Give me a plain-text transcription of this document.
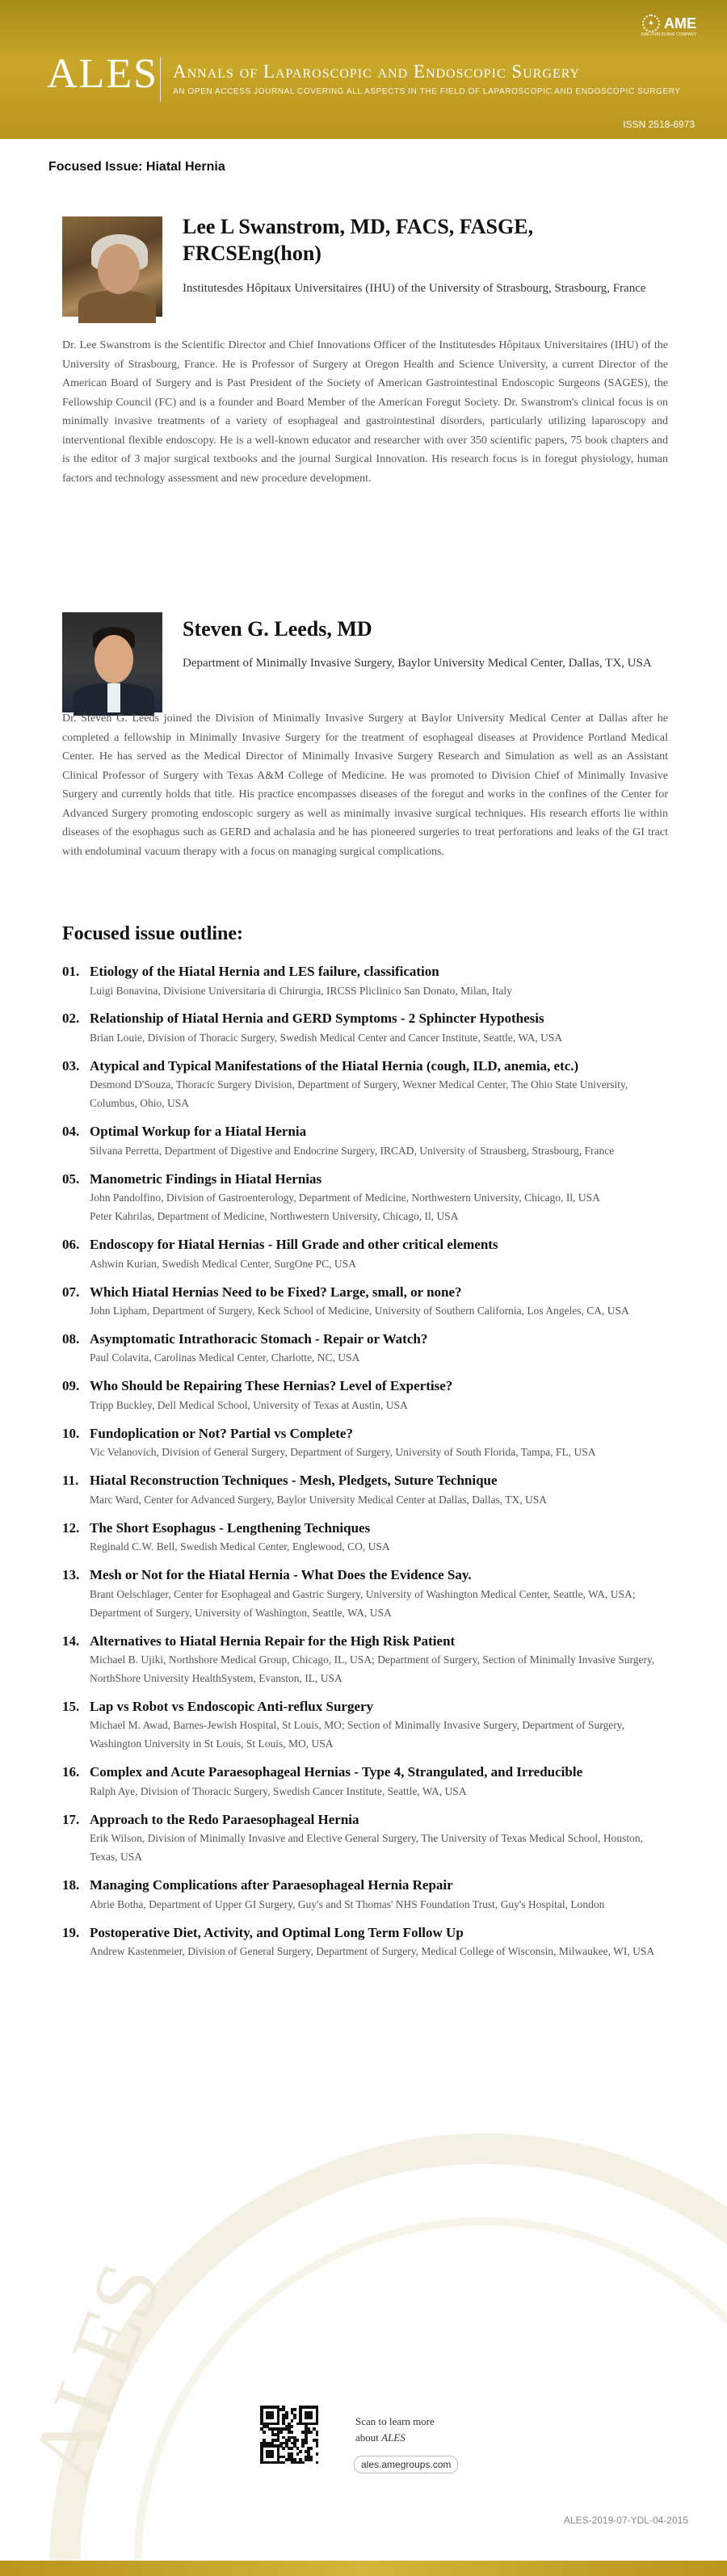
ALES Annals of Laparoscopic and Endoscopic Surgery
AN OPEN ACCESS JOURNAL COVERING ALL ASPECTS IN THE FIELD OF LAPAROSCOPIC AND ENDOSCOPIC SURGERY
✦ AME
AME PUBLISHING COMPANY
ISSN 2518-6973
Focused Issue: Hiatal Hernia
Lee L Swanstrom, MD, FACS, FASGE, FRCSEng(hon)
Institutesdes Hôpitaux Universitaires (IHU) of the University of Strasbourg, Strasbourg, France
Dr. Lee Swanstrom is the Scientific Director and Chief Innovations Officer of the Institutesdes Hôpitaux Universitaires (IHU) of the University of Strasbourg, France. He is Professor of Surgery at Oregon Health and Science University, a current Director of the American Board of Surgery and is Past President of the Society of American Gastrointestinal Endoscopic Surgeons (SAGES), the Fellowship Council (FC) and is a founder and Board Member of the American Foregut Society. Dr. Swanstrom's clinical focus is on minimally invasive treatments of a variety of esophageal and gastrointestinal disorders, particularly utilizing laparoscopy and interventional flexible endoscopy. He is a well-known educator and researcher with over 350 scientific papers, 75 book chapters and is the editor of 3 major surgical textbooks and the journal Surgical Innovation. His research focus is in foregut physiology, human factors and technology assessment and new procedure development.
Steven G. Leeds, MD
Department of Minimally Invasive Surgery, Baylor University Medical Center, Dallas, TX, USA
Dr. Steven G. Leeds joined the Division of Minimally Invasive Surgery at Baylor University Medical Center at Dallas after he completed a fellowship in Minimally Invasive Surgery for the treatment of esophageal diseases at Providence Portland Medical Center. He has served as the Medical Director of Minimally Invasive Surgery Research and Simulation as well as an Assistant Clinical Professor of Surgery with Texas A&M College of Medicine. He was promoted to Division Chief of Minimally Invasive Surgery and currently holds that title. His practice encompasses diseases of the foregut and works in the confines of the Center for Advanced Surgery promoting endoscopic surgery as well as minimally invasive surgical techniques. His research efforts lie within diseases of the esophagus such as GERD and achalasia and he has pioneered surgeries to treat perforations and leaks of the GI tract with endoluminal vacuum therapy with a focus on managing surgical complications.
Focused issue outline:
01. Etiology of the Hiatal Hernia and LES failure, classification
Luigi Bonavina, Divisione Universitaria di Chirurgia, IRCSS Pliclinico San Donato, Milan, Italy
02. Relationship of Hiatal Hernia and GERD Symptoms - 2 Sphincter Hypothesis
Brian Louie, Division of Thoracic Surgery, Swedish Medical Center and Cancer Institute, Seattle, WA, USA
03. Atypical and Typical Manifestations of the Hiatal Hernia (cough, ILD, anemia, etc.)
Desmond D'Souza, Thoracic Surgery Division, Department of Surgery, Wexner Medical Center, The Ohio State University, Columbus, Ohio, USA
04. Optimal Workup for a Hiatal Hernia
Silvana Perretta, Department of Digestive and Endocrine Surgery, IRCAD, University of Strausberg, Strasbourg, France
05. Manometric Findings in Hiatal Hernias
John Pandolfino, Division of Gastroenterology, Department of Medicine, Northwestern University, Chicago, Il, USA
Peter Kahrilas, Department of Medicine, Northwestern University, Chicago, Il, USA
06. Endoscopy for Hiatal Hernias - Hill Grade and other critical elements
Ashwin Kurian, Swedish Medical Center, SurgOne PC, USA
07. Which Hiatal Hernias Need to be Fixed? Large, small, or none?
John Lipham, Department of Surgery, Keck School of Medicine, University of Southern California, Los Angeles, CA, USA
08. Asymptomatic Intrathoracic Stomach - Repair or Watch?
Paul Colavita, Carolinas Medical Center, Charlotte, NC, USA
09. Who Should be Repairing These Hernias? Level of Expertise?
Tripp Buckley, Dell Medical School, University of Texas at Austin, USA
10. Fundoplication or Not? Partial vs Complete?
Vic Velanovich, Division of General Surgery, Department of Surgery, University of South Florida, Tampa, FL, USA
11. Hiatal Reconstruction Techniques - Mesh, Pledgets, Suture Technique
Marc Ward, Center for Advanced Surgery, Baylor University Medical Center at Dallas, Dallas, TX, USA
12. The Short Esophagus - Lengthening Techniques
Reginald C.W. Bell, Swedish Medical Center, Englewood, CO, USA
13. Mesh or Not for the Hiatal Hernia - What Does the Evidence Say.
Brant Oelschlager, Center for Esophageal and Gastric Surgery, University of Washington Medical Center, Seattle, WA, USA; Department of Surgery, University of Washington, Seattle, WA, USA
14. Alternatives to Hiatal Hernia Repair for the High Risk Patient
Michael B. Ujiki, Northshore Medical Group, Chicago, IL, USA; Department of Surgery, Section of Minimally Invasive Surgery, NorthShore University HealthSystem, Evanston, IL, USA
15. Lap vs Robot vs Endoscopic Anti-reflux Surgery
Michael M. Awad, Barnes-Jewish Hospital, St Louis, MO; Section of Minimally Invasive Surgery, Department of Surgery, Washington University in St Louis, St Louis, MO, USA
16. Complex and Acute Paraesophageal Hernias - Type 4, Strangulated, and Irreducible
Ralph Aye, Division of Thoracic Surgery, Swedish Cancer Institute, Seattle, WA, USA
17. Approach to the Redo Paraesophageal Hernia
Erik Wilson, Division of Minimally Invasive and Elective General Surgery, The University of Texas Medical School, Houston, Texas, USA
18. Managing Complications after Paraesophageal Hernia Repair
Abrie Botha, Department of Upper GI Surgery, Guy's and St Thomas' NHS Foundation Trust, Guy's Hospital, London
19. Postoperative Diet, Activity, and Optimal Long Term Follow Up
Andrew Kastenmeier, Division of General Surgery, Department of Surgery, Medical College of Wisconsin, Milwaukee, WI, USA
ALES	Scan to learn more
about ALES
ales.amegroups.com
ALES-2019-07-YDL-04-2015
